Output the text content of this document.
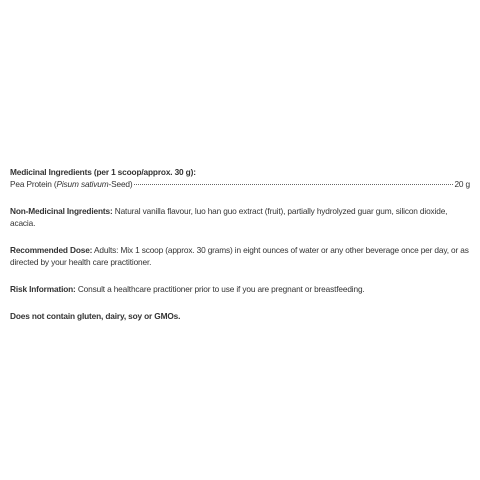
Medicinal Ingredients (per 1 scoop/approx. 30 g):

Pea Protein (Pisum sativum-Seed)	20 g

Non-Medicinal Ingredients: Natural vanilla flavour, luo han guo extract (fruit), partially hydrolyzed guar gum, silicon dioxide, acacia.

Recommended Dose: Adults: Mix 1 scoop (approx. 30 grams) in eight ounces of water or any other beverage once per day, or as directed by your health care practitioner.

Risk Information: Consult a healthcare practitioner prior to use if you are pregnant or breastfeeding.

Does not contain gluten, dairy, soy or GMOs.
